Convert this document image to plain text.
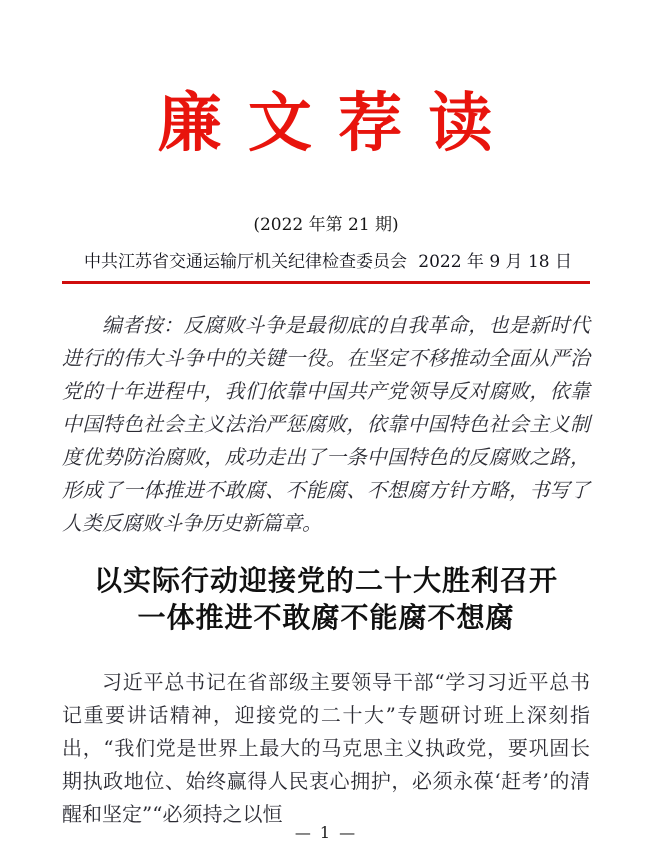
廉 文 荐 读
(2022 年第 21 期)
中共江苏省交通运输厅机关纪律检查委员会 2022 年 9 月 18 日

编者按：反腐败斗争是最彻底的自我革命，也是新时代进行的伟大斗争中的关键一役。在坚定不移推动全面从严治党的十年进程中，我们依靠中国共产党领导反对腐败，依靠中国特色社会主义法治严惩腐败，依靠中国特色社会主义制度优势防治腐败，成功走出了一条中国特色的反腐败之路，形成了一体推进不敢腐、不能腐、不想腐方针方略，书写了人类反腐败斗争历史新篇章。

以实际行动迎接党的二十大胜利召开
一体推进不敢腐不能腐不想腐

习近平总书记在省部级主要领导干部“学习习近平总书记重要讲话精神，迎接党的二十大”专题研讨班上深刻指出，“我们党是世界上最大的马克思主义执政党，要巩固长期执政地位、始终赢得人民衷心拥护，必须永葆‘赶考’的清醒和坚定”“必须持之以恒

— 1 —
